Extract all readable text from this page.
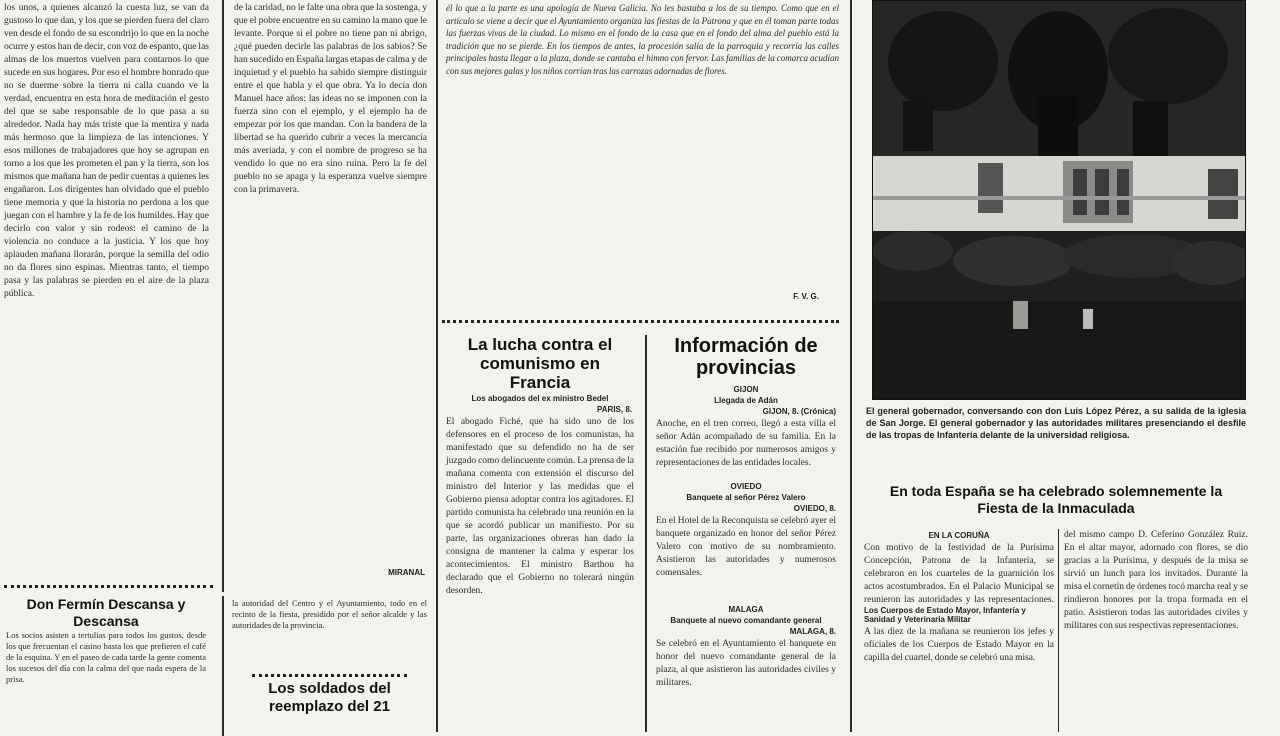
los unos, a quienes alcanzó la cuesta luz, se van da gustoso lo que dan, y los que se pierden fuera del claro ven desde el fondo de su escondrijo lo que en la noche ocurre y estos han de decir, con voz de espanto, que las almas de los muertos vuelven para contarnos lo que sucede en sus hogares. Por eso el hombre honrado que no se duerme sobre la tierra ni calla cuando ve la verdad, encuentra en esta hora de meditación el gesto del que se sabe responsable de lo que pasa a su alrededor. Nada hay más triste que la mentira y nada más hermoso que la limpieza de las intenciones. Y esos millones de trabajadores que hoy se agrupan en torno a los que les prometen el pan y la tierra, son los mismos que mañana han de pedir cuentas a quienes les engañaron. Los dirigentes han olvidado que el pueblo tiene memoria y que la historia no perdona a los que juegan con el hambre y la fe de los humildes. Hay que decirlo con valor y sin rodeos: el camino de la violencia no conduce a la justicia. Y los que hoy aplauden mañana llorarán, porque la semilla del odio no da flores sino espinas. Mientras tanto, el tiempo pasa y las palabras se pierden en el aire de la plaza pública.

Don Fermín Descansa y Descansa

Los socios asisten a tertulias para todos los gustos, desde los que frecuentan el casino hasta los que prefieren el café de la esquina. Y en el paseo de cada tarde la gente comenta los sucesos del día con la calma del que nada espera de la prisa.

de la caridad, no le falte una obra que la sostenga, y que el pobre encuentre en su camino la mano que le levante. Porque si el pobre no tiene pan ni abrigo, ¿qué pueden decirle las palabras de los sabios? Se han sucedido en España largas etapas de calma y de inquietud y el pueblo ha sabido siempre distinguir entre el que habla y el que obra. Ya lo decía don Manuel hace años: las ideas no se imponen con la fuerza sino con el ejemplo, y el ejemplo ha de empezar por los que mandan. Con la bandera de la libertad se ha querido cubrir a veces la mercancía más averiada, y con el nombre de progreso se ha vendido lo que no era sino ruina. Pero la fe del pueblo no se apaga y la esperanza vuelve siempre con la primavera.

MIRANAL

la autoridad del Centro y el Ayuntamiento, todo en el recinto de la fiesta, presidido por el señor alcalde y las autoridades de la provincia.

Los soldados del reemplazo del 21

él lo que a la parte es una apología de Nueva Galicia. No les bastaba a los de su tiempo. Como que en el artículo se viene a decir que el Ayuntamiento organiza las fiestas de la Patrona y que en él toman parte todas las fuerzas vivas de la ciudad. Lo mismo en el fondo de la casa que en el fondo del alma del pueblo está la tradición que no se pierde. En los tiempos de antes, la procesión salía de la parroquia y recorría las calles principales hasta llegar a la plaza, donde se cantaba el himno con fervor. Las familias de la comarca acudían con sus mejores galas y los niños corrían tras las carrozas adornadas de flores.

F. V. G.

La lucha contra el comunismo en Francia

Los abogados del ex ministro Bedel

PARIS, 8.

El abogado Fiché, que ha sido uno de los defensores en el proceso de los comunistas, ha manifestado que su defendido no ha de ser juzgado como delincuente común. La prensa de la mañana comenta con extensión el discurso del ministro del Interior y las medidas que el Gobierno piensa adoptar contra los agitadores. El partido comunista ha celebrado una reunión en la que se acordó publicar un manifiesto. Por su parte, las organizaciones obreras han dado la consigna de mantener la calma y esperar los acontecimientos. El ministro Barthou ha declarado que el Gobierno no tolerará ningún desorden.

Información de provincias

GIJON

Llegada de Adán

GIJON, 8. (Crónica)

Anoche, en el tren correo, llegó a esta villa el señor Adán acompañado de su familia. En la estación fue recibido por numerosos amigos y representaciones de las entidades locales.

OVIEDO

Banquete al señor Pérez Valero

OVIEDO, 8.

En el Hotel de la Reconquista se celebró ayer el banquete organizado en honor del señor Pérez Valero con motivo de su nombramiento. Asistieron las autoridades y numerosos comensales.

MALAGA

Banquete al nuevo comandante general

MALAGA, 8.

Se celebró en el Ayuntamiento el banquete en honor del nuevo comandante general de la plaza, al que asistieron las autoridades civiles y militares.

El general gobernador, conversando con don Luis López Pérez, a su salida de la iglesia de San Jorge. El general gobernador y las autoridades militares presenciando el desfile de las tropas de Infantería delante de la universidad religiosa.

En toda España se ha celebrado solemnemente la Fiesta de la Inmaculada

EN LA CORUÑA

Con motivo de la festividad de la Purísima Concepción, Patrona de la Infantería, se celebraron en los cuarteles de la guarnición los actos acostumbrados. En el Palacio Municipal se reunieron las autoridades y las representaciones.

Los Cuerpos de Estado Mayor, Infantería y Sanidad y Veterinaria Militar

A las diez de la mañana se reunieron los jefes y oficiales de los Cuerpos de Estado Mayor en la capilla del cuartel, donde se celebró una misa.

del mismo campo D. Ceferino González Ruiz. En el altar mayor, adornado con flores, se dio gracias a la Purísima, y después de la misa se sirvió un lunch para los invitados. Durante la misa el cornetín de órdenes tocó marcha real y se rindieron honores por la tropa formada en el patio. Asistieron todas las autoridades civiles y militares con sus respectivas representaciones.
